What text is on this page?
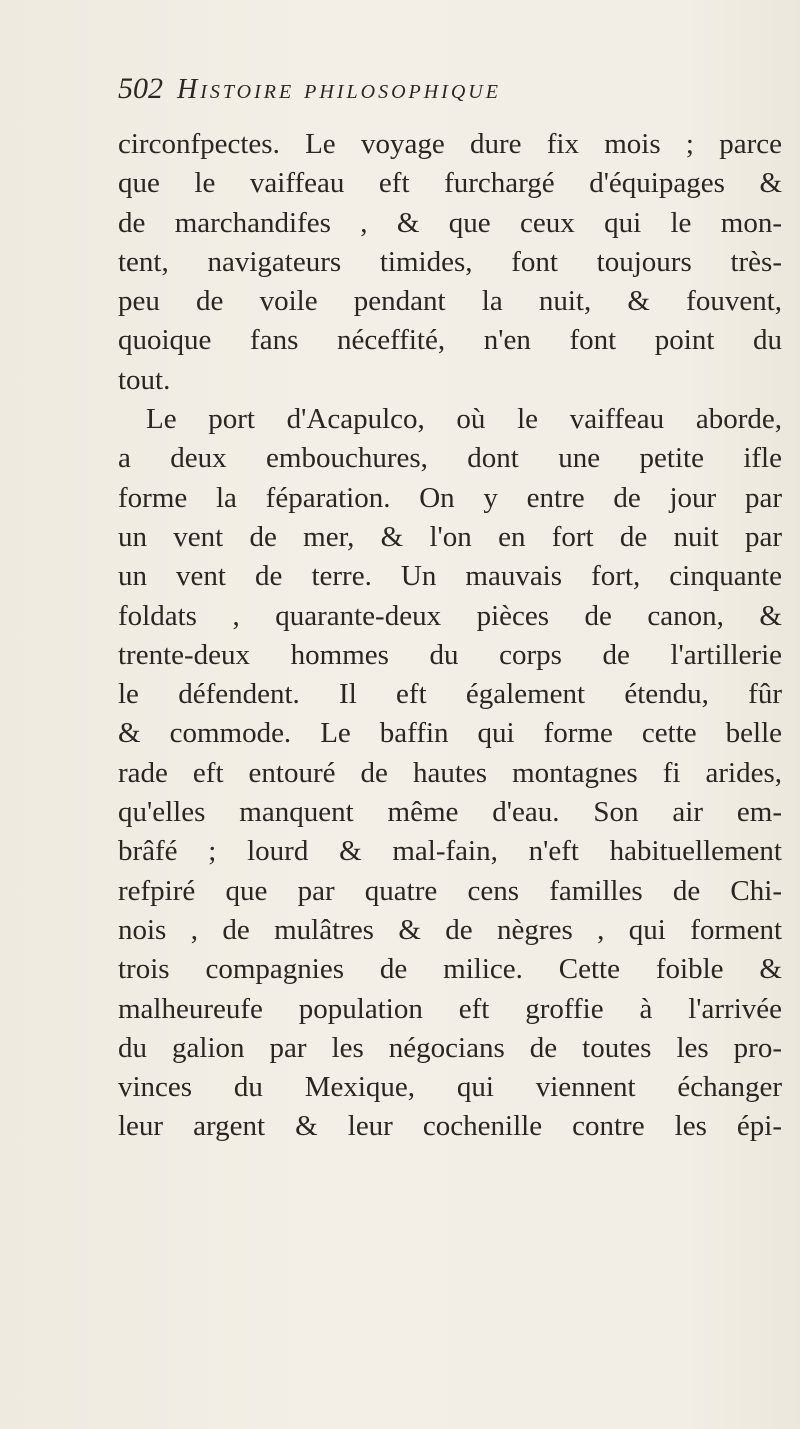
502 Histoire philosophique
circonfpectes. Le voyage dure fix mois ; parce
que le vaiffeau eft furchargé d'équipages &
de marchandifes , & que ceux qui le mon-
tent, navigateurs timides, font toujours très-
peu de voile pendant la nuit, & fouvent,
quoique fans néceffité, n'en font point du
tout.
Le port d'Acapulco, où le vaiffeau aborde,
a deux embouchures, dont une petite ifle
forme la féparation. On y entre de jour par
un vent de mer, & l'on en fort de nuit par
un vent de terre. Un mauvais fort, cinquante
foldats , quarante-deux pièces de canon, &
trente-deux hommes du corps de l'artillerie
le défendent. Il eft également étendu, fûr
& commode. Le baffin qui forme cette belle
rade eft entouré de hautes montagnes fi arides,
qu'elles manquent même d'eau. Son air em-
brâfé ; lourd & mal-fain, n'eft habituellement
refpiré que par quatre cens familles de Chi-
nois , de mulâtres & de nègres , qui forment
trois compagnies de milice. Cette foible &
malheureufe population eft groffie à l'arrivée
du galion par les négocians de toutes les pro-
vinces du Mexique, qui viennent échanger
leur argent & leur cochenille contre les épi-
